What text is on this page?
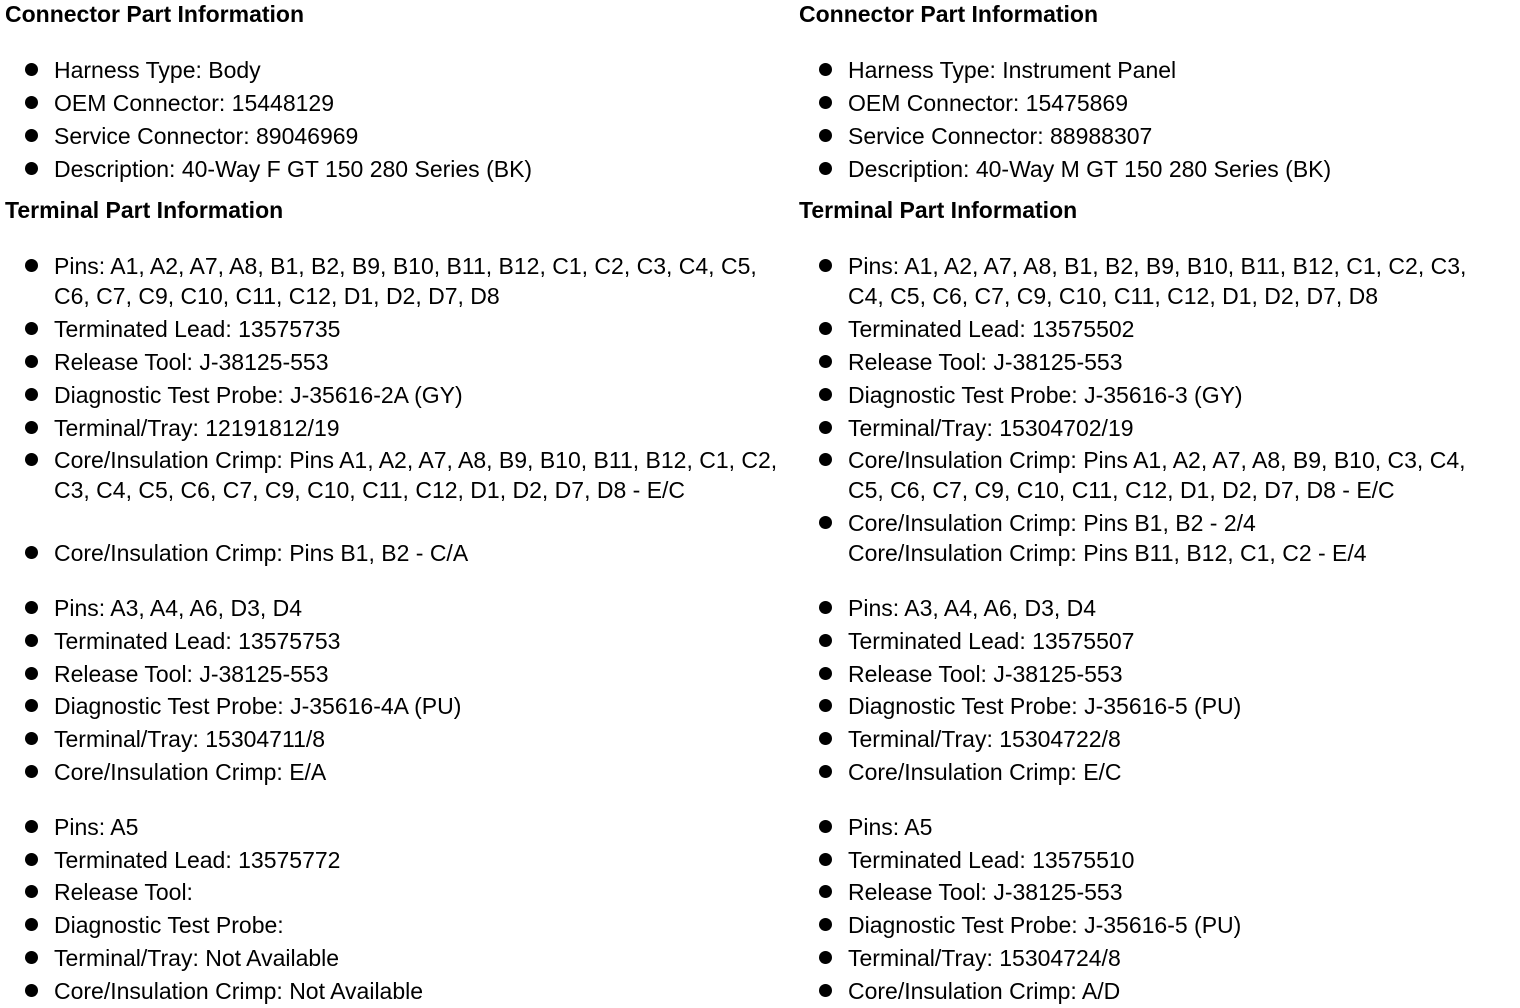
Connector Part Information
Harness Type: Body
OEM Connector: 15448129
Service Connector: 89046969
Description: 40-Way F GT 150 280 Series (BK)
Terminal Part Information
Pins: A1, A2, A7, A8, B1, B2, B9, B10, B11, B12, C1, C2, C3, C4, C5, C6, C7, C9, C10, C11, C12, D1, D2, D7, D8
Terminated Lead: 13575735
Release Tool: J-38125-553
Diagnostic Test Probe: J-35616-2A (GY)
Terminal/Tray: 12191812/19
Core/Insulation Crimp: Pins A1, A2, A7, A8, B9, B10, B11, B12, C1, C2, C3, C4, C5, C6, C7, C9, C10, C11, C12, D1, D2, D7, D8 - E/C
Core/Insulation Crimp: Pins B1, B2 - C/A
Pins: A3, A4, A6, D3, D4
Terminated Lead: 13575753
Release Tool: J-38125-553
Diagnostic Test Probe: J-35616-4A (PU)
Terminal/Tray: 15304711/8
Core/Insulation Crimp: E/A
Pins: A5
Terminated Lead: 13575772
Release Tool:
Diagnostic Test Probe:
Terminal/Tray: Not Available
Core/Insulation Crimp: Not Available
Connector Part Information
Harness Type: Instrument Panel
OEM Connector: 15475869
Service Connector: 88988307
Description: 40-Way M GT 150 280 Series (BK)
Terminal Part Information
Pins: A1, A2, A7, A8, B1, B2, B9, B10, B11, B12, C1, C2, C3, C4, C5, C6, C7, C9, C10, C11, C12, D1, D2, D7, D8
Terminated Lead: 13575502
Release Tool: J-38125-553
Diagnostic Test Probe: J-35616-3 (GY)
Terminal/Tray: 15304702/19
Core/Insulation Crimp: Pins A1, A2, A7, A8, B9, B10, C3, C4, C5, C6, C7, C9, C10, C11, C12, D1, D2, D7, D8 - E/C
Core/Insulation Crimp: Pins B1, B2 - 2/4
Core/Insulation Crimp: Pins B11, B12, C1, C2 - E/4
Pins: A3, A4, A6, D3, D4
Terminated Lead: 13575507
Release Tool: J-38125-553
Diagnostic Test Probe: J-35616-5 (PU)
Terminal/Tray: 15304722/8
Core/Insulation Crimp: E/C
Pins: A5
Terminated Lead: 13575510
Release Tool: J-38125-553
Diagnostic Test Probe: J-35616-5 (PU)
Terminal/Tray: 15304724/8
Core/Insulation Crimp: A/D
